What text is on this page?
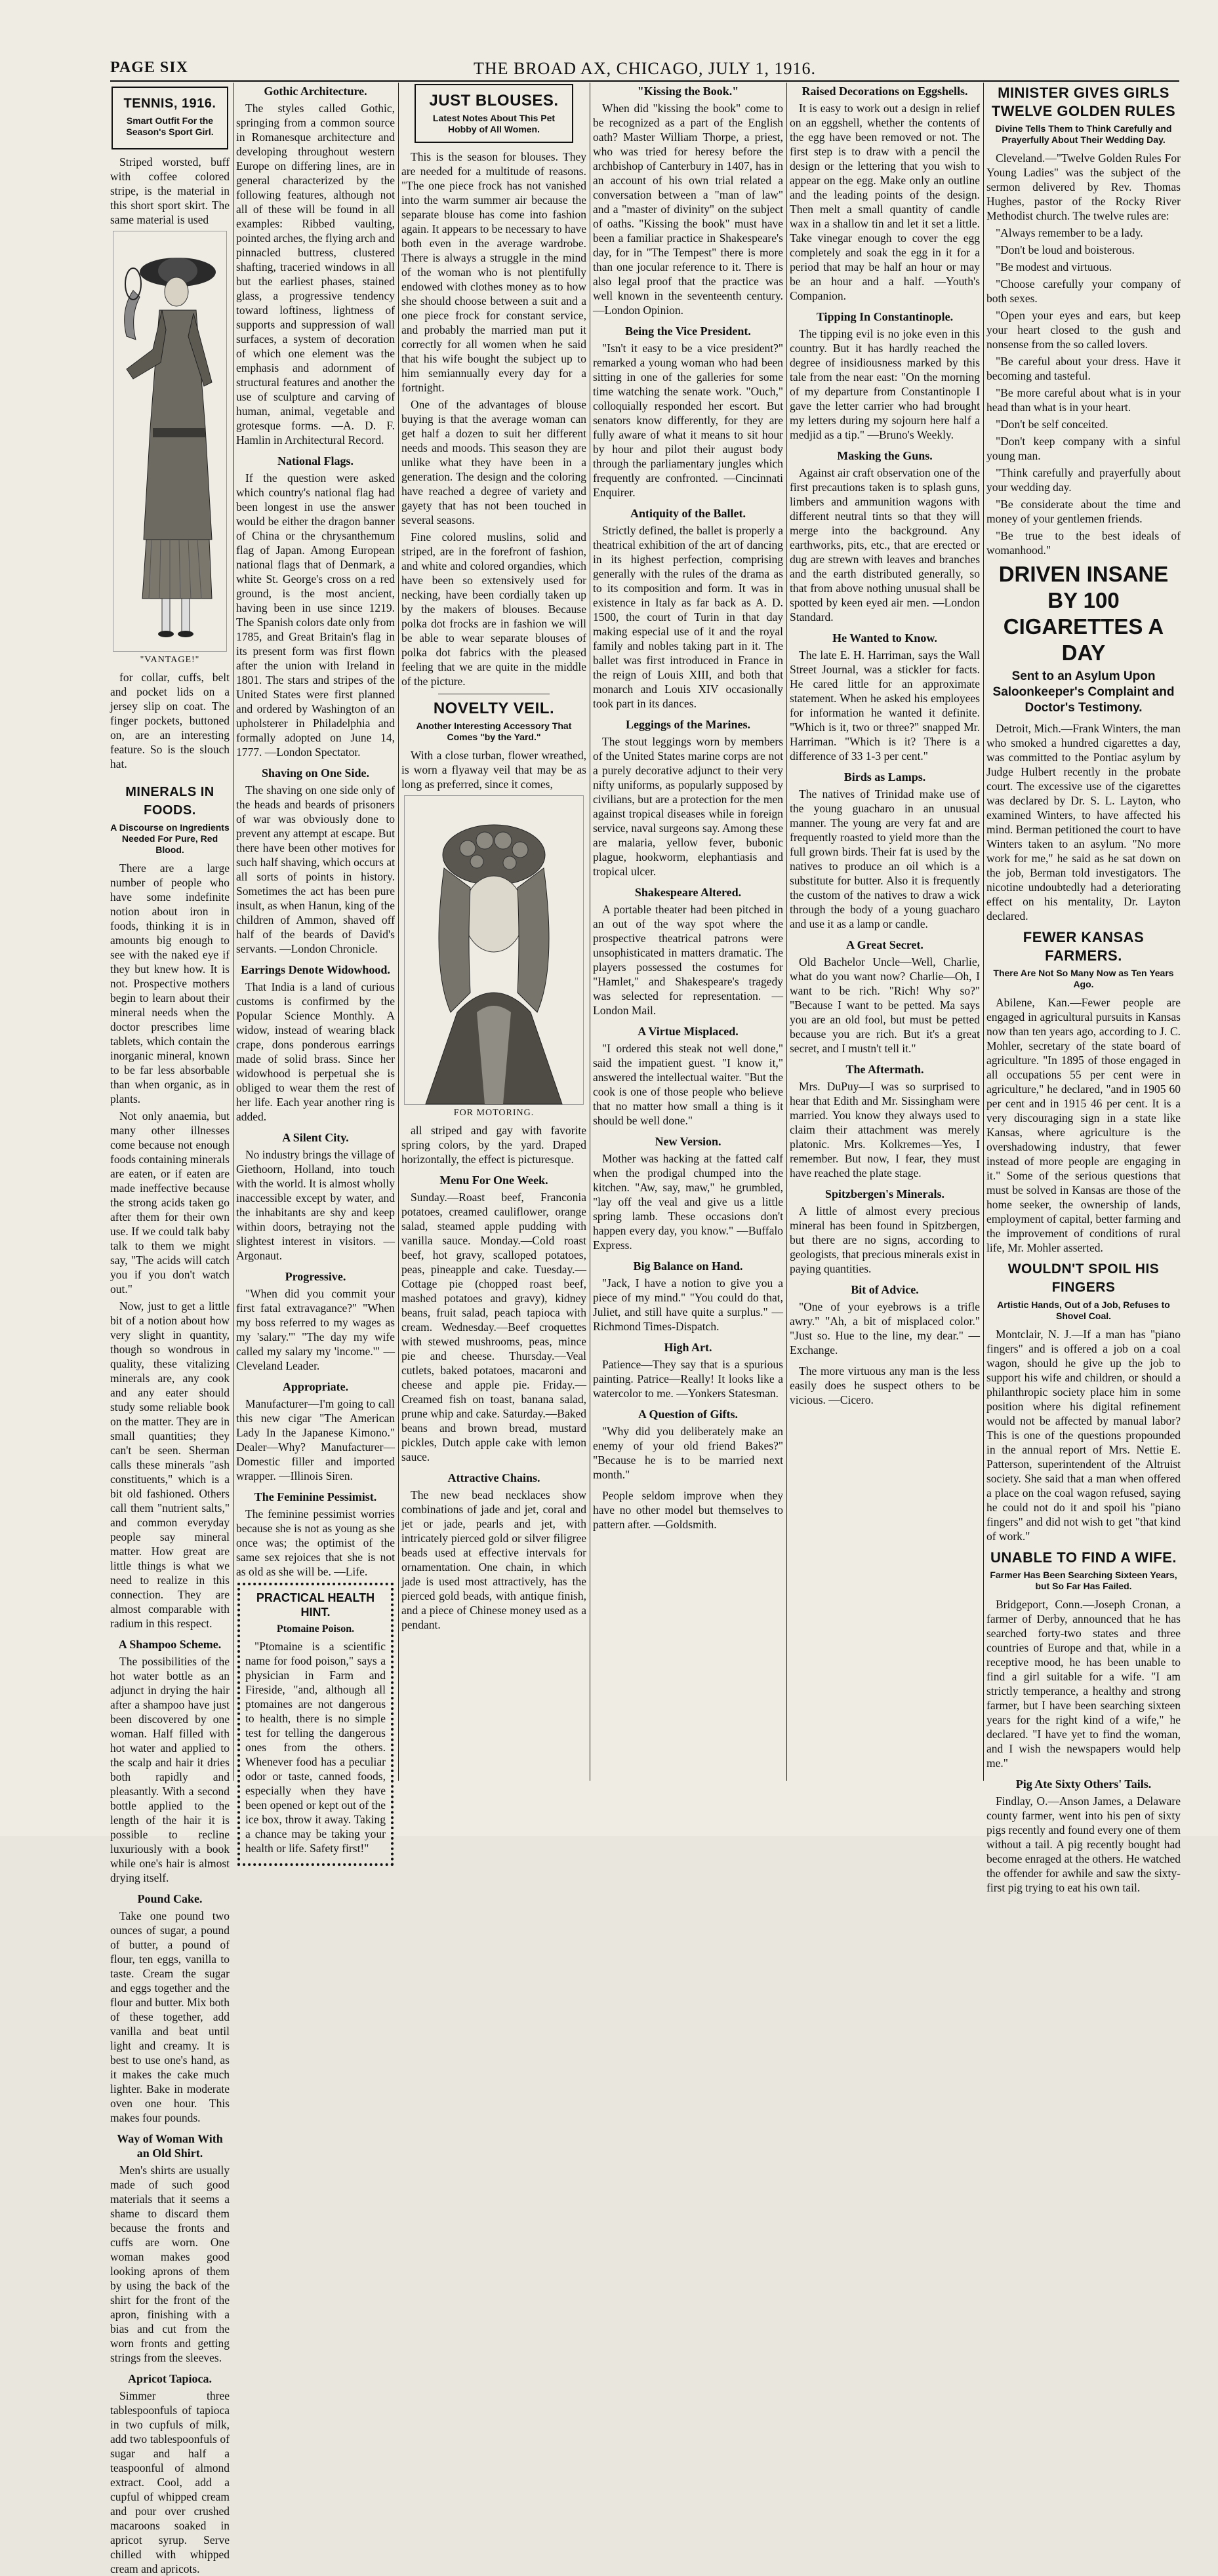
PAGE SIX	THE BROAD AX, CHICAGO, JULY 1, 1916.
TENNIS, 1916.
Smart Outfit For the Season's Sport Girl.

Striped worsted, buff with coffee colored stripe, is the material in this short sport skirt. The same material is used

"VANTAGE!"

for collar, cuffs, belt and pocket lids on a jersey slip on coat. The finger pockets, buttoned on, are an interesting feature. So is the slouch hat.

MINERALS IN FOODS.
A Discourse on Ingredients Needed For Pure, Red Blood.

There are a large number of people who have some indefinite notion about iron in foods, thinking it is in amounts big enough to see with the naked eye if they but knew how. It is not. Prospective mothers begin to learn about their mineral needs when the doctor prescribes lime tablets, which contain the inorganic mineral, known to be far less absorbable than when organic, as in plants.

Not only anaemia, but many other illnesses come because not enough foods containing minerals are eaten, or if eaten are made ineffective because the strong acids taken go after them for their own use. If we could talk baby talk to them we might say, "The acids will catch you if you don't watch out."

Now, just to get a little bit of a notion about how very slight in quantity, though so wondrous in quality, these vitalizing minerals are, any cook and any eater should study some reliable book on the matter. They are in small quantities; they can't be seen. Sherman calls these minerals "ash constituents," which is a bit old fashioned. Others call them "nutrient salts," and common everyday people say mineral matter. How great are little things is what we need to realize in this connection. They are almost comparable with radium in this respect.

A Shampoo Scheme.

The possibilities of the hot water bottle as an adjunct in drying the hair after a shampoo have just been discovered by one woman. Half filled with hot water and applied to the scalp and hair it dries both rapidly and pleasantly. With a second bottle applied to the length of the hair it is possible to recline luxuriously with a book while one's hair is almost drying itself.

Pound Cake.

Take one pound two ounces of sugar, a pound of butter, a pound of flour, ten eggs, vanilla to taste. Cream the sugar and eggs together and the flour and butter. Mix both of these together, add vanilla and beat until light and creamy. It is best to use one's hand, as it makes the cake much lighter. Bake in moderate oven one hour. This makes four pounds.

Way of Woman With an Old Shirt.

Men's shirts are usually made of such good materials that it seems a shame to discard them because the fronts and cuffs are worn. One woman makes good looking aprons of them by using the back of the shirt for the front of the apron, finishing with a bias and cut from the worn fronts and getting strings from the sleeves.

Apricot Tapioca.

Simmer three tablespoonfuls of tapioca in two cupfuls of milk, add two tablespoonfuls of sugar and half a teaspoonful of almond extract. Cool, add a cupful of whipped cream and pour over crushed macaroons soaked in apricot syrup. Serve chilled with whipped cream and apricots.

Gothic Architecture.

The styles called Gothic, springing from a common source in Romanesque architecture and developing throughout western Europe on differing lines, are in general characterized by the following features, although not all of these will be found in all examples: Ribbed vaulting, pointed arches, the flying arch and pinnacled buttress, clustered shafting, traceried windows in all but the earliest phases, stained glass, a progressive tendency toward loftiness, lightness of supports and suppression of wall surfaces, a system of decoration of which one element was the emphasis and adornment of structural features and another the use of sculpture and carving of human, animal, vegetable and grotesque forms. —A. D. F. Hamlin in Architectural Record.

National Flags.

If the question were asked which country's national flag had been longest in use the answer would be either the dragon banner of China or the chrysanthemum flag of Japan. Among European national flags that of Denmark, a white St. George's cross on a red ground, is the most ancient, having been in use since 1219. The Spanish colors date only from 1785, and Great Britain's flag in its present form was first flown after the union with Ireland in 1801. The stars and stripes of the United States were first planned and ordered by Washington of an upholsterer in Philadelphia and formally adopted on June 14, 1777. —London Spectator.

Shaving on One Side.

The shaving on one side only of the heads and beards of prisoners of war was obviously done to prevent any attempt at escape. But there have been other motives for such half shaving, which occurs at all sorts of points in history. Sometimes the act has been pure insult, as when Hanun, king of the children of Ammon, shaved off half of the beards of David's servants. —London Chronicle.

Earrings Denote Widowhood.

That India is a land of curious customs is confirmed by the Popular Science Monthly. A widow, instead of wearing black crape, dons ponderous earrings made of solid brass. Since her widowhood is perpetual she is obliged to wear them the rest of her life. Each year another ring is added.

A Silent City.

No industry brings the village of Giethoorn, Holland, into touch with the world. It is almost wholly inaccessible except by water, and the inhabitants are shy and keep within doors, betraying not the slightest interest in visitors. —Argonaut.

Progressive.

"When did you commit your first fatal extravagance?" "When my boss referred to my wages as my 'salary.'" "The day my wife called my salary my 'income.'" —Cleveland Leader.

Appropriate.

Manufacturer—I'm going to call this new cigar "The American Lady In the Japanese Kimono." Dealer—Why? Manufacturer—Domestic filler and imported wrapper. —Illinois Siren.

The Feminine Pessimist.

The feminine pessimist worries because she is not as young as she once was; the optimist of the same sex rejoices that she is not as old as she will be. —Life.

PRACTICAL HEALTH HINT.
Ptomaine Poison.

"Ptomaine is a scientific name for food poison," says a physician in Farm and Fireside, "and, although all ptomaines are not dangerous to health, there is no simple test for telling the dangerous ones from the others. Whenever food has a peculiar odor or taste, canned foods, especially when they have been opened or kept out of the ice box, throw it away. Taking a chance may be taking your health or life. Safety first!"

JUST BLOUSES.
Latest Notes About This Pet Hobby of All Women.

This is the season for blouses. They are needed for a multitude of reasons. "The one piece frock has not vanished into the warm summer air because the separate blouse has come into fashion again. It appears to be necessary to have both even in the average wardrobe. There is always a struggle in the mind of the woman who is not plentifully endowed with clothes money as to how she should choose between a suit and a one piece frock for constant service, and probably the married man put it correctly for all women when he said that his wife bought the subject up to him semiannually every day for a fortnight.

One of the advantages of blouse buying is that the average woman can get half a dozen to suit her different needs and moods. This season they are unlike what they have been in a generation. The design and the coloring have reached a degree of variety and gayety that has not been touched in several seasons.

Fine colored muslins, solid and striped, are in the forefront of fashion, and white and colored organdies, which have been so extensively used for necking, have been cordially taken up by the makers of blouses. Because polka dot frocks are in fashion we will be able to wear separate blouses of polka dot fabrics with the pleased feeling that we are quite in the middle of the picture.

NOVELTY VEIL.
Another Interesting Accessory That Comes "by the Yard."

With a close turban, flower wreathed, is worn a flyaway veil that may be as long as preferred, since it comes,

FOR MOTORING.

all striped and gay with favorite spring colors, by the yard. Draped horizontally, the effect is picturesque.

Menu For One Week.

Sunday.—Roast beef, Franconia potatoes, creamed cauliflower, orange salad, steamed apple pudding with vanilla sauce. Monday.—Cold roast beef, hot gravy, scalloped potatoes, peas, pineapple and cake. Tuesday.—Cottage pie (chopped roast beef, mashed potatoes and gravy), kidney beans, fruit salad, peach tapioca with cream. Wednesday.—Beef croquettes with stewed mushrooms, peas, mince pie and cheese. Thursday.—Veal cutlets, baked potatoes, macaroni and cheese and apple pie. Friday.—Creamed fish on toast, banana salad, prune whip and cake. Saturday.—Baked beans and brown bread, mustard pickles, Dutch apple cake with lemon sauce.

Attractive Chains.

The new bead necklaces show combinations of jade and jet, coral and jet or jade, pearls and jet, with intricately pierced gold or silver filigree beads used at effective intervals for ornamentation. One chain, in which jade is used most attractively, has the pierced gold beads, with antique finish, and a piece of Chinese money used as a pendant.

"Kissing the Book."

When did "kissing the book" come to be recognized as a part of the English oath? Master William Thorpe, a priest, who was tried for heresy before the archbishop of Canterbury in 1407, has in an account of his own trial related a conversation between a "man of law" and a "master of divinity" on the subject of oaths. "Kissing the book" must have been a familiar practice in Shakespeare's day, for in "The Tempest" there is more than one jocular reference to it. There is also legal proof that the practice was well known in the seventeenth century. —London Opinion.

Being the Vice President.

"Isn't it easy to be a vice president?" remarked a young woman who had been sitting in one of the galleries for some time watching the senate work. "Ouch," colloquially responded her escort. But senators know differently, for they are fully aware of what it means to sit hour by hour and pilot their august body through the parliamentary jungles which frequently are confronted. —Cincinnati Enquirer.

Antiquity of the Ballet.

Strictly defined, the ballet is properly a theatrical exhibition of the art of dancing in its highest perfection, comprising generally with the rules of the drama as to its composition and form. It was in existence in Italy as far back as A. D. 1500, the court of Turin in that day making especial use of it and the royal family and nobles taking part in it. The ballet was first introduced in France in the reign of Louis XIII, and both that monarch and Louis XIV occasionally took part in its dances.

Leggings of the Marines.

The stout leggings worn by members of the United States marine corps are not a purely decorative adjunct to their very nifty uniforms, as popularly supposed by civilians, but are a protection for the men against tropical diseases while in foreign service, naval surgeons say. Among these are malaria, yellow fever, bubonic plague, hookworm, elephantiasis and tropical ulcer.

Shakespeare Altered.

A portable theater had been pitched in an out of the way spot where the prospective theatrical patrons were unsophisticated in matters dramatic. The players possessed the costumes for "Hamlet," and Shakespeare's tragedy was selected for representation. —London Mail.

A Virtue Misplaced.

"I ordered this steak not well done," said the impatient guest. "I know it," answered the intellectual waiter. "But the cook is one of those people who believe that no matter how small a thing is it should be well done."

New Version.

Mother was hacking at the fatted calf when the prodigal chumped into the kitchen. "Aw, say, maw," he grumbled, "lay off the veal and give us a little spring lamb. These occasions don't happen every day, you know." —Buffalo Express.

Big Balance on Hand.

"Jack, I have a notion to give you a piece of my mind." "You could do that, Juliet, and still have quite a surplus." —Richmond Times-Dispatch.

High Art.

Patience—They say that is a spurious painting. Patrice—Really! It looks like a watercolor to me. —Yonkers Statesman.

A Question of Gifts.

"Why did you deliberately make an enemy of your old friend Bakes?" "Because he is to be married next month."

People seldom improve when they have no other model but themselves to pattern after. —Goldsmith.

Raised Decorations on Eggshells.

It is easy to work out a design in relief on an eggshell, whether the contents of the egg have been removed or not. The first step is to draw with a pencil the design or the lettering that you wish to appear on the egg. Make only an outline and the leading points of the design. Then melt a small quantity of candle wax in a shallow tin and let it set a little. Take vinegar enough to cover the egg completely and soak the egg in it for a period that may be half an hour or may be an hour and a half. —Youth's Companion.

Tipping In Constantinople.

The tipping evil is no joke even in this country. But it has hardly reached the degree of insidiousness marked by this tale from the near east: "On the morning of my departure from Constantinople I gave the letter carrier who had brought my letters during my sojourn here half a medjid as a tip." —Bruno's Weekly.

Masking the Guns.

Against air craft observation one of the first precautions taken is to splash guns, limbers and ammunition wagons with different neutral tints so that they will merge into the background. Any earthworks, pits, etc., that are erected or dug are strewn with leaves and branches and the earth distributed generally, so that from above nothing unusual shall be spotted by keen eyed air men. —London Standard.

He Wanted to Know.

The late E. H. Harriman, says the Wall Street Journal, was a stickler for facts. He cared little for an approximate statement. When he asked his employees for information he wanted it definite. "Which is it, two or three?" snapped Mr. Harriman. "Which is it? There is a difference of 33 1-3 per cent."

Birds as Lamps.

The natives of Trinidad make use of the young guacharo in an unusual manner. The young are very fat and are frequently roasted to yield more than the full grown birds. Their fat is used by the natives to produce an oil which is a substitute for butter. Also it is frequently the custom of the natives to draw a wick through the body of a young guacharo and use it as a lamp or candle.

A Great Secret.

Old Bachelor Uncle—Well, Charlie, what do you want now? Charlie—Oh, I want to be rich. "Rich! Why so?" "Because I want to be petted. Ma says you are an old fool, but must be petted because you are rich. But it's a great secret, and I mustn't tell it."

The Aftermath.

Mrs. DuPuy—I was so surprised to hear that Edith and Mr. Sissingham were married. You know they always used to claim their attachment was merely platonic. Mrs. Kolkremes—Yes, I remember. But now, I fear, they must have reached the plate stage.

Spitzbergen's Minerals.

A little of almost every precious mineral has been found in Spitzbergen, but there are no signs, according to geologists, that precious minerals exist in paying quantities.

Bit of Advice.

"One of your eyebrows is a trifle awry." "Ah, a bit of misplaced color." "Just so. Hue to the line, my dear." —Exchange.

The more virtuous any man is the less easily does he suspect others to be vicious. —Cicero.

MINISTER GIVES GIRLS TWELVE GOLDEN RULES
Divine Tells Them to Think Carefully and Prayerfully About Their Wedding Day.

Cleveland.—"Twelve Golden Rules For Young Ladies" was the subject of the sermon delivered by Rev. Thomas Hughes, pastor of the Rocky River Methodist church. The twelve rules are:

"Always remember to be a lady.

"Don't be loud and boisterous.

"Be modest and virtuous.

"Choose carefully your company of both sexes.

"Open your eyes and ears, but keep your heart closed to the gush and nonsense from the so called lovers.

"Be careful about your dress. Have it becoming and tasteful.

"Be more careful about what is in your head than what is in your heart.

"Don't be self conceited.

"Don't keep company with a sinful young man.

"Think carefully and prayerfully about your wedding day.

"Be considerate about the time and money of your gentlemen friends.

"Be true to the best ideals of womanhood."

DRIVEN INSANE BY 100 CIGARETTES A DAY
Sent to an Asylum Upon Saloonkeeper's Complaint and Doctor's Testimony.

Detroit, Mich.—Frank Winters, the man who smoked a hundred cigarettes a day, was committed to the Pontiac asylum by Judge Hulbert recently in the probate court. The excessive use of the cigarettes was declared by Dr. S. L. Layton, who examined Winters, to have affected his mind. Berman petitioned the court to have Winters taken to an asylum. "No more work for me," he said as he sat down on the job, Berman told investigators. The nicotine undoubtedly had a deteriorating effect on his mentality, Dr. Layton declared.

FEWER KANSAS FARMERS.
There Are Not So Many Now as Ten Years Ago.

Abilene, Kan.—Fewer people are engaged in agricultural pursuits in Kansas now than ten years ago, according to J. C. Mohler, secretary of the state board of agriculture. "In 1895 of those engaged in all occupations 55 per cent were in agriculture," he declared, "and in 1905 60 per cent and in 1915 46 per cent. It is a very discouraging sign in a state like Kansas, where agriculture is the overshadowing industry, that fewer instead of more people are engaging in it." Some of the serious questions that must be solved in Kansas are those of the home seeker, the ownership of lands, employment of capital, better farming and the improvement of conditions of rural life, Mr. Mohler asserted.

WOULDN'T SPOIL HIS FINGERS
Artistic Hands, Out of a Job, Refuses to Shovel Coal.

Montclair, N. J.—If a man has "piano fingers" and is offered a job on a coal wagon, should he give up the job to support his wife and children, or should a philanthropic society place him in some position where his digital refinement would not be affected by manual labor? This is one of the questions propounded in the annual report of Mrs. Nettie E. Patterson, superintendent of the Altruist society. She said that a man when offered a place on the coal wagon refused, saying he could not do it and spoil his "piano fingers" and did not wish to get "that kind of work."

UNABLE TO FIND A WIFE.
Farmer Has Been Searching Sixteen Years, but So Far Has Failed.

Bridgeport, Conn.—Joseph Cronan, a farmer of Derby, announced that he has searched forty-two states and three countries of Europe and that, while in a receptive mood, he has been unable to find a girl suitable for a wife. "I am strictly temperance, a healthy and strong farmer, but I have been searching sixteen years for the right kind of a wife," he declared. "I have yet to find the woman, and I wish the newspapers would help me."

Pig Ate Sixty Others' Tails.

Findlay, O.—Anson James, a Delaware county farmer, went into his pen of sixty pigs recently and found every one of them without a tail. A pig recently bought had become enraged at the others. He watched the offender for awhile and saw the sixty-first pig trying to eat his own tail.
